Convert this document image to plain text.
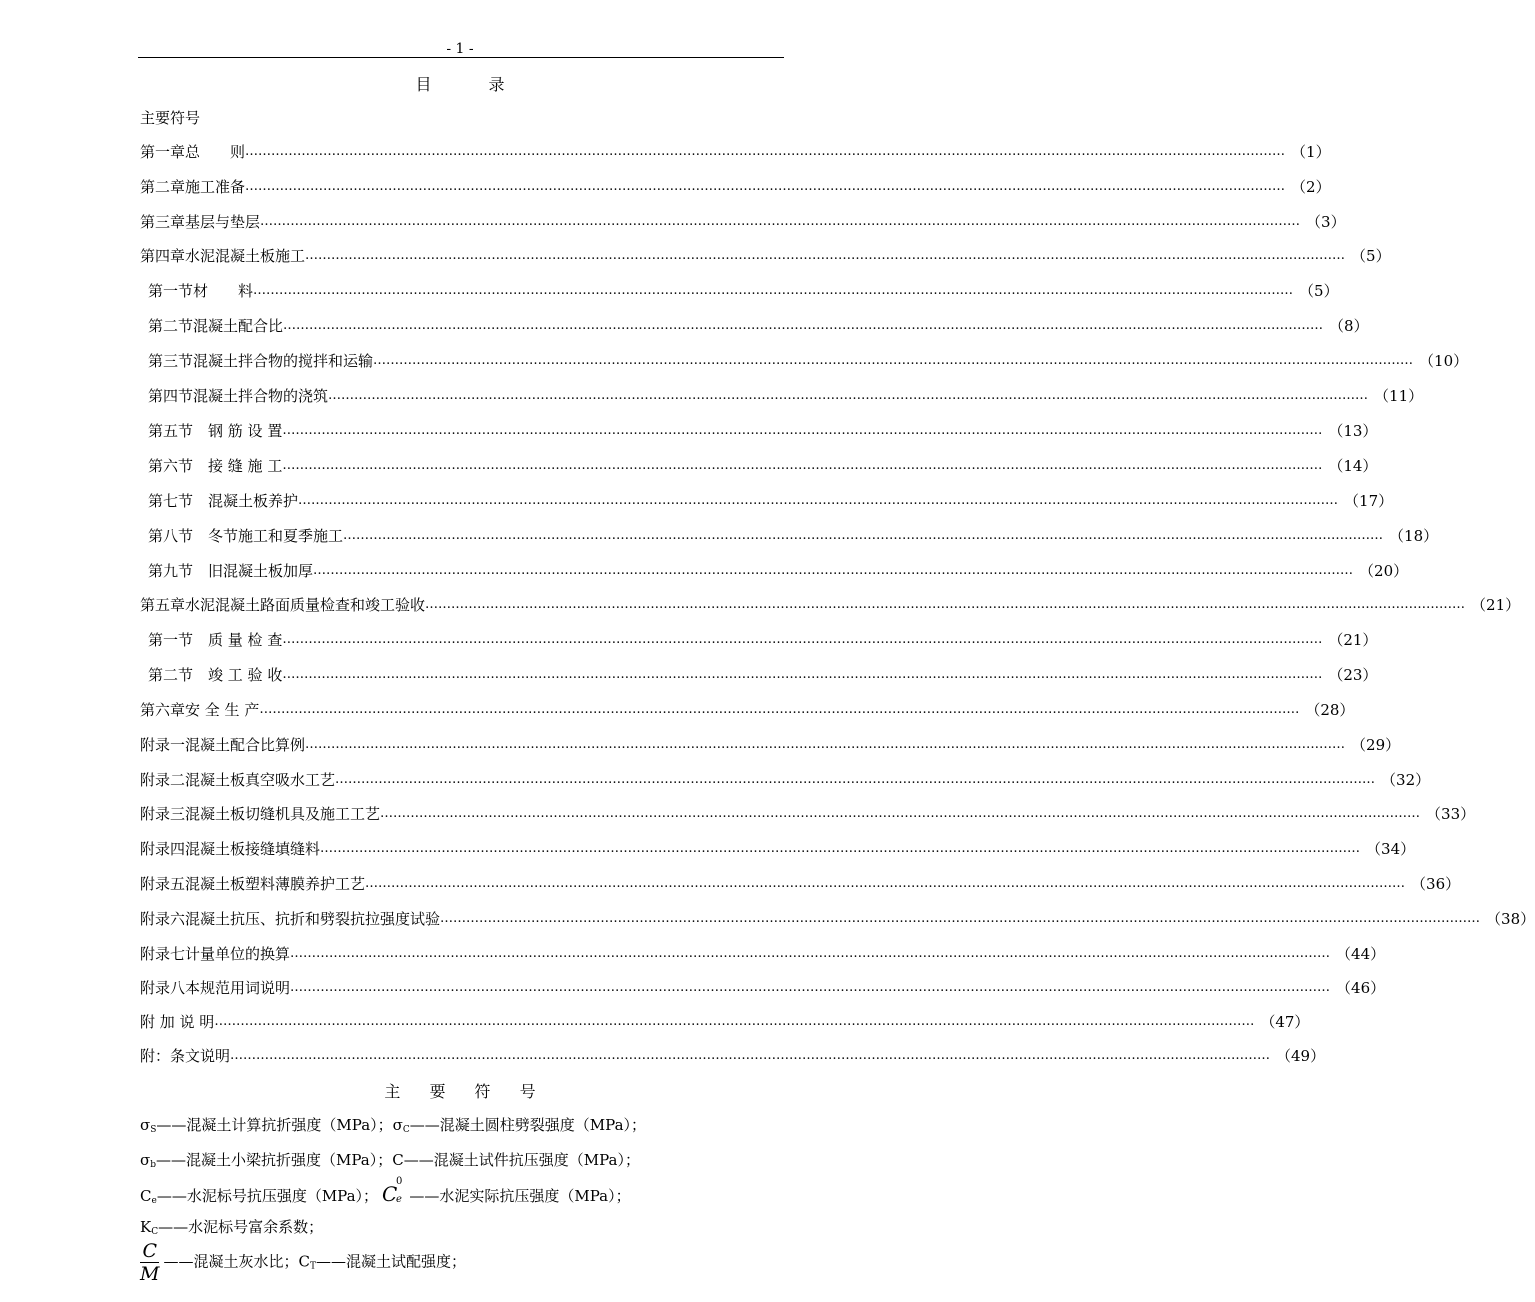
- 1 -
目 录
主要符号
第一章 总　　则 …………………………………………………………………………………………………………………………………………………………………………………………………………………… （1）
第二章 施工准备 …………………………………………………………………………………………………………………………………………………………………………………………………………………… （2）
第三章 基层与垫层 …………………………………………………………………………………………………………………………………………………………………………………………………………………… （3）
第四章 水泥混凝土板施工 …………………………………………………………………………………………………………………………………………………………………………………………………………………… （5）
第一节 材　　料 …………………………………………………………………………………………………………………………………………………………………………………………………………………… （5）
第二节 混凝土配合比 …………………………………………………………………………………………………………………………………………………………………………………………………………………… （8）
第三节 混凝土拌合物的搅拌和运输 …………………………………………………………………………………………………………………………………………………………………………………………………………………… （10）
第四节 混凝土拌合物的浇筑 …………………………………………………………………………………………………………………………………………………………………………………………………………………… （11）
第五节 　钢 筋 设 置 …………………………………………………………………………………………………………………………………………………………………………………………………………………… （13）
第六节 　接 缝 施 工 …………………………………………………………………………………………………………………………………………………………………………………………………………………… （14）
第七节 　混凝土板养护 …………………………………………………………………………………………………………………………………………………………………………………………………………………… （17）
第八节 　冬节施工和夏季施工 …………………………………………………………………………………………………………………………………………………………………………………………………………………… （18）
第九节 　旧混凝土板加厚 …………………………………………………………………………………………………………………………………………………………………………………………………………………… （20）
第五章 水泥混凝土路面质量检查和竣工验收 …………………………………………………………………………………………………………………………………………………………………………………………………………………… （21）
第一节 　质 量 检 查 …………………………………………………………………………………………………………………………………………………………………………………………………………………… （21）
第二节 　竣 工 验 收 …………………………………………………………………………………………………………………………………………………………………………………………………………………… （23）
第六章 安 全 生 产 …………………………………………………………………………………………………………………………………………………………………………………………………………………… （28）
附录一 混凝土配合比算例 …………………………………………………………………………………………………………………………………………………………………………………………………………………… （29）
附录二 混凝土板真空吸水工艺 …………………………………………………………………………………………………………………………………………………………………………………………………………………… （32）
附录三 混凝土板切缝机具及施工工艺 …………………………………………………………………………………………………………………………………………………………………………………………………………………… （33）
附录四 混凝土板接缝填缝料 …………………………………………………………………………………………………………………………………………………………………………………………………………………… （34）
附录五 混凝土板塑料薄膜养护工艺 …………………………………………………………………………………………………………………………………………………………………………………………………………………… （36）
附录六 混凝土抗压、抗折和劈裂抗拉强度试验 …………………………………………………………………………………………………………………………………………………………………………………………………………………… （38）
附录七 计量单位的换算 …………………………………………………………………………………………………………………………………………………………………………………………………………………… （44）
附录八 本规范用词说明 …………………………………………………………………………………………………………………………………………………………………………………………………………………… （46）
附 加 说 明 …………………………………………………………………………………………………………………………………………………………………………………………………………………… （47）
附：条文说明 …………………………………………………………………………………………………………………………………………………………………………………………………………………… （49）
主 要 符 号
$\sigma_S——$混凝土计算抗折强度（MPa）；$\sigma_C——$混凝土圆柱劈裂强度（MPa）；
$\sigma_b——$混凝土小梁抗折强度（MPa）；C——混凝土试件抗压强度（MPa）；
$C_e——$水泥标号抗压强度（MPa）； C
0
e ——水泥实际抗压强度（MPa）；
$K_C——$水泥标号富余系数；
$\frac{C}{M}$ ——混凝土灰水比；$C_T——$混凝土试配强度；
